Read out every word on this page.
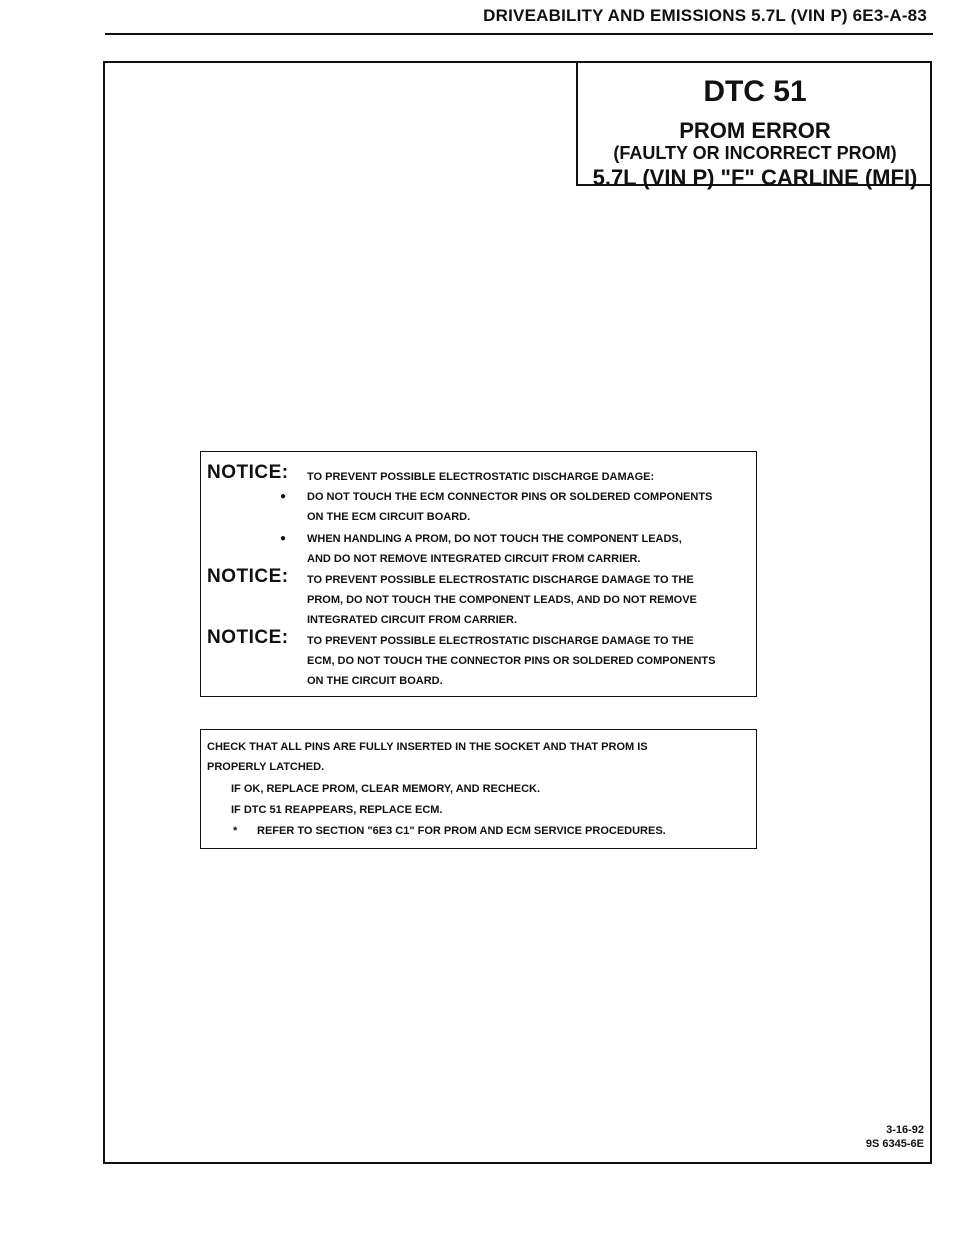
DRIVEABILITY AND EMISSIONS 5.7L (VIN P) 6E3-A-83
DTC 51
PROM ERROR
(FAULTY OR INCORRECT PROM)
5.7L (VIN P) "F" CARLINE (MFI)
NOTICE: TO PREVENT POSSIBLE ELECTROSTATIC DISCHARGE DAMAGE:
● DO NOT TOUCH THE ECM CONNECTOR PINS OR SOLDERED COMPONENTS
ON THE ECM CIRCUIT BOARD.
● WHEN HANDLING A PROM, DO NOT TOUCH THE COMPONENT LEADS,
AND DO NOT REMOVE INTEGRATED CIRCUIT FROM CARRIER.
NOTICE: TO PREVENT POSSIBLE ELECTROSTATIC DISCHARGE DAMAGE TO THE
PROM, DO NOT TOUCH THE COMPONENT LEADS, AND DO NOT REMOVE
INTEGRATED CIRCUIT FROM CARRIER.
NOTICE: TO PREVENT POSSIBLE ELECTROSTATIC DISCHARGE DAMAGE TO THE
ECM, DO NOT TOUCH THE CONNECTOR PINS OR SOLDERED COMPONENTS
ON THE CIRCUIT BOARD.
CHECK THAT ALL PINS ARE FULLY INSERTED IN THE SOCKET AND THAT PROM IS
PROPERLY LATCHED.
IF OK, REPLACE PROM, CLEAR MEMORY, AND RECHECK.
IF DTC 51 REAPPEARS, REPLACE ECM.
* REFER TO SECTION "6E3 C1" FOR PROM AND ECM SERVICE PROCEDURES.
3-16-92
9S 6345-6E
